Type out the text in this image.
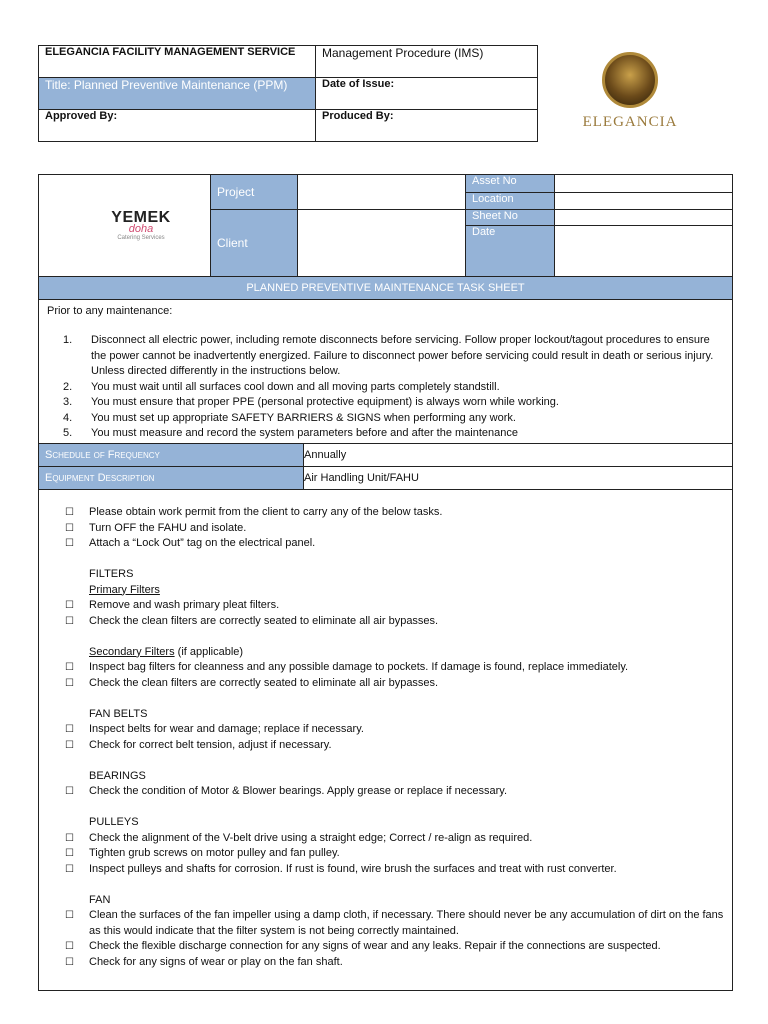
ELEGANCIA FACILITY MANAGEMENT SERVICE	Management Procedure (IMS)
Title: Planned Preventive Maintenance (PPM)	Date of Issue:
Approved By:	Produced By:	ELEGANCIA
YEMEK
doha
Catering Services	Project		Asset No	
			Location	
	Client		Sheet No	
			Date	
PLANNED PREVENTIVE MAINTENANCE TASK SHEET
Prior to any maintenance:
1.	Disconnect all electric power, including remote disconnects before servicing. Follow proper lockout/tagout procedures to ensure the power cannot be inadvertently energized. Failure to disconnect power before servicing could result in death or serious injury. Unless directed differently in the instructions below.
2.	You must wait until all surfaces cool down and all moving parts completely standstill.
3.	You must ensure that proper PPE (personal protective equipment) is always worn while working.
4.	You must set up appropriate SAFETY BARRIERS & SIGNS when performing any work.
5.	You must measure and record the system parameters before and after the maintenance
Schedule of Frequency	Annually
Equipment Description	Air Handling Unit/FAHU
☐	Please obtain work permit from the client to carry any of the below tasks.
☐	Turn OFF the FAHU and isolate.
☐	Attach a “Lock Out” tag on the electrical panel.
FILTERS
Primary Filters
☐	Remove and wash primary pleat filters.
☐	Check the clean filters are correctly seated to eliminate all air bypasses.
Secondary Filters (if applicable)
☐	Inspect bag filters for cleanness and any possible damage to pockets. If damage is found, replace immediately.
☐	Check the clean filters are correctly seated to eliminate all air bypasses.
FAN BELTS
☐	Inspect belts for wear and damage; replace if necessary.
☐	Check for correct belt tension, adjust if necessary.
BEARINGS
☐	Check the condition of Motor & Blower bearings. Apply grease or replace if necessary.
PULLEYS
☐	Check the alignment of the V-belt drive using a straight edge; Correct / re-align as required.
☐	Tighten grub screws on motor pulley and fan pulley.
☐	Inspect pulleys and shafts for corrosion. If rust is found, wire brush the surfaces and treat with rust converter.
FAN
☐	Clean the surfaces of the fan impeller using a damp cloth, if necessary. There should never be any accumulation of dirt on the fans as this would indicate that the filter system is not being correctly maintained.
☐	Check the flexible discharge connection for any signs of wear and any leaks. Repair if the connections are suspected.
☐	Check for any signs of wear or play on the fan shaft.
